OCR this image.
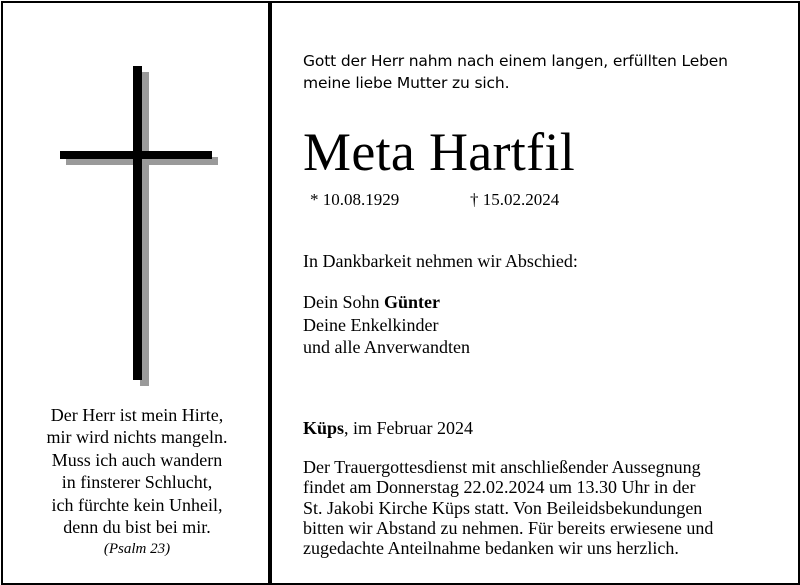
Der Herr ist mein Hirte,
mir wird nichts mangeln.
Muss ich auch wandern
in finsterer Schlucht,
ich fürchte kein Unheil,
denn du bist bei mir.
(Psalm 23)
Gott der Herr nahm nach einem langen, erfüllten Leben
meine liebe Mutter zu sich.
Meta Hartfil
* 10.08.1929	† 15.02.2024
In Dankbarkeit nehmen wir Abschied:
Dein Sohn Günter
Deine Enkelkinder
und alle Anverwandten
Küps, im Februar 2024
Der Trauergottesdienst mit anschließender Aussegnung
findet am Donnerstag 22.02.2024 um 13.30 Uhr in der
St. Jakobi Kirche Küps statt. Von Beileidsbekundungen
bitten wir Abstand zu nehmen. Für bereits erwiesene und
zugedachte Anteilnahme bedanken wir uns herzlich.
